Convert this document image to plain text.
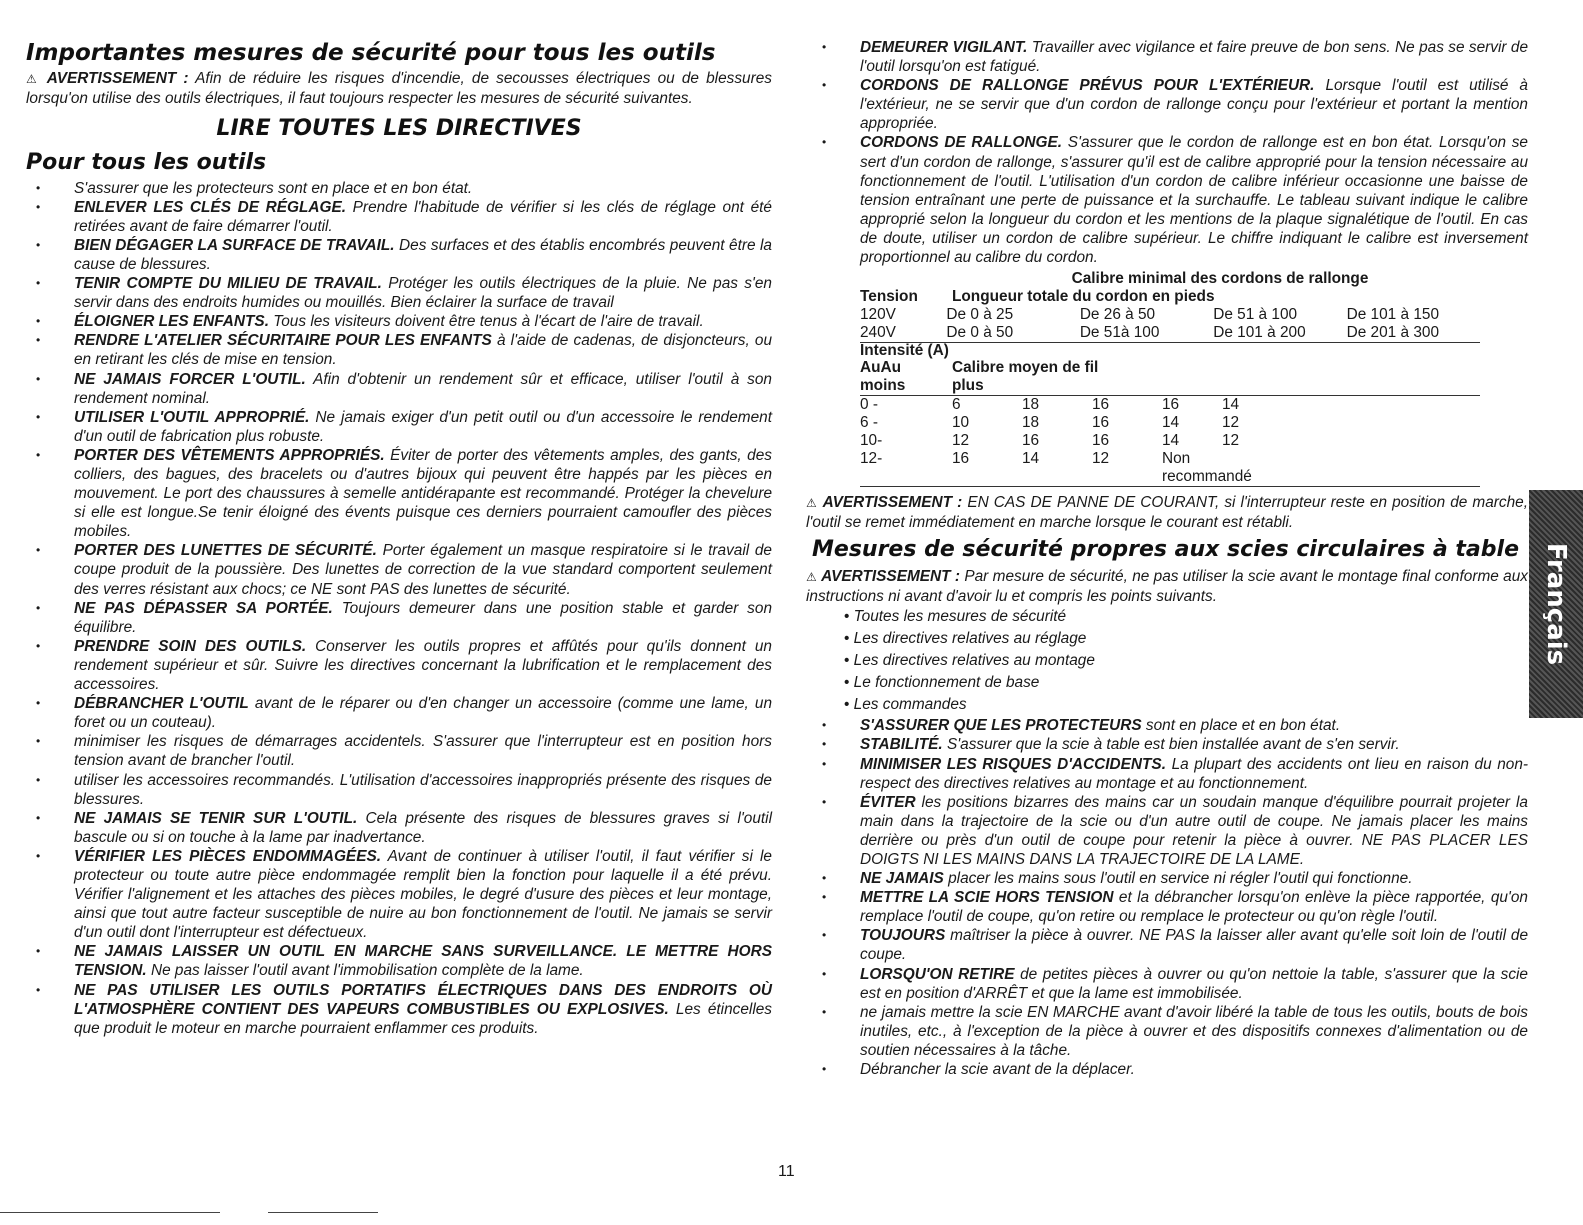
Importantes mesures de sécurité pour tous les outils

⚠ AVERTISSEMENT : Afin de réduire les risques d'incendie, de secousses électriques ou de blessures lorsqu'on utilise des outils électriques, il faut toujours respecter les mesures de sécurité suivantes.

LIRE TOUTES LES DIRECTIVES
Pour tous les outils
• S'assurer que les protecteurs sont en place et en bon état.
• ENLEVER LES CLÉS DE RÉGLAGE. Prendre l'habitude de vérifier si les clés de réglage ont été retirées avant de faire démarrer l'outil.
• BIEN DÉGAGER LA SURFACE DE TRAVAIL. Des surfaces et des établis encombrés peuvent être la cause de blessures.
• TENIR COMPTE DU MILIEU DE TRAVAIL. Protéger les outils électriques de la pluie. Ne pas s'en servir dans des endroits humides ou mouillés. Bien éclairer la surface de travail
• ÉLOIGNER LES ENFANTS. Tous les visiteurs doivent être tenus à l'écart de l'aire de travail.
• RENDRE L'ATELIER SÉCURITAIRE POUR LES ENFANTS à l'aide de cadenas, de disjoncteurs, ou en retirant les clés de mise en tension.
• NE JAMAIS FORCER L'OUTIL. Afin d'obtenir un rendement sûr et efficace, utiliser l'outil à son rendement nominal.
• UTILISER L'OUTIL APPROPRIÉ. Ne jamais exiger d'un petit outil ou d'un accessoire le rendement d'un outil de fabrication plus robuste.
• PORTER DES VÊTEMENTS APPROPRIÉS. Éviter de porter des vêtements amples, des gants, des colliers, des bagues, des bracelets ou d'autres bijoux qui peuvent être happés par les pièces en mouvement. Le port des chaussures à semelle antidérapante est recommandé. Protéger la chevelure si elle est longue.Se tenir éloigné des évents puisque ces derniers pourraient camoufler des pièces mobiles.
• PORTER DES LUNETTES DE SÉCURITÉ. Porter également un masque respiratoire si le travail de coupe produit de la poussière. Des lunettes de correction de la vue standard comportent seulement des verres résistant aux chocs; ce NE sont PAS des lunettes de sécurité.
• NE PAS DÉPASSER SA PORTÉE. Toujours demeurer dans une position stable et garder son équilibre.
• PRENDRE SOIN DES OUTILS. Conserver les outils propres et affûtés pour qu'ils donnent un rendement supérieur et sûr. Suivre les directives concernant la lubrification et le remplacement des accessoires.
• DÉBRANCHER L'OUTIL avant de le réparer ou d'en changer un accessoire (comme une lame, un foret ou un couteau).
• minimiser les risques de démarrages accidentels. S'assurer que l'interrupteur est en position hors tension avant de brancher l'outil.
• utiliser les accessoires recommandés. L'utilisation d'accessoires inappropriés présente des risques de blessures.
• NE JAMAIS SE TENIR SUR L'OUTIL. Cela présente des risques de blessures graves si l'outil bascule ou si on touche à la lame par inadvertance.
• VÉRIFIER LES PIÈCES ENDOMMAGÉES. Avant de continuer à utiliser l'outil, il faut vérifier si le protecteur ou toute autre pièce endommagée remplit bien la fonction pour laquelle il a été prévu. Vérifier l'alignement et les attaches des pièces mobiles, le degré d'usure des pièces et leur montage, ainsi que tout autre facteur susceptible de nuire au bon fonctionnement de l'outil. Ne jamais se servir d'un outil dont l'interrupteur est défectueux.
• NE JAMAIS LAISSER UN OUTIL EN MARCHE SANS SURVEILLANCE. LE METTRE HORS TENSION. Ne pas laisser l'outil avant l'immobilisation complète de la lame.
• NE PAS UTILISER LES OUTILS PORTATIFS ÉLECTRIQUES DANS DES ENDROITS OÙ L'ATMOSPHÈRE CONTIENT DES VAPEURS COMBUSTIBLES OU EXPLOSIVES. Les étincelles que produit le moteur en marche pourraient enflammer ces produits.
• DEMEURER VIGILANT. Travailler avec vigilance et faire preuve de bon sens. Ne pas se servir de l'outil lorsqu'on est fatigué.
• CORDONS DE RALLONGE PRÉVUS POUR L'EXTÉRIEUR. Lorsque l'outil est utilisé à l'extérieur, ne se servir que d'un cordon de rallonge conçu pour l'extérieur et portant la mention appropriée.
• CORDONS DE RALLONGE. S'assurer que le cordon de rallonge est en bon état. Lorsqu'on se sert d'un cordon de rallonge, s'assurer qu'il est de calibre approprié pour la tension nécessaire au fonctionnement de l'outil. L'utilisation d'un cordon de calibre inférieur occasionne une baisse de tension entraînant une perte de puissance et la surchauffe. Le tableau suivant indique le calibre approprié selon la longueur du cordon et les mentions de la plaque signalétique de l'outil. En cas de doute, utiliser un cordon de calibre supérieur. Le chiffre indiquant le calibre est inversement proportionnel au calibre du cordon.
Calibre minimal des cordons de rallonge
Tension	Longueur totale du cordon en pieds
120V	De 0 à 25	De 26 à 50	De 51 à 100	De 101 à 150
240V	De 0 à 50	De 51à 100	De 101 à 200	De 201 à 300
Intensité (A)
AuAu	Calibre moyen de fil
moins	plus
0 -	6	18	16	16	14
6 -	10	18	16	14	12
10-	12	16	16	14	12
12-	16	14	12	Non recommandé

⚠ AVERTISSEMENT : EN CAS DE PANNE DE COURANT, si l'interrupteur reste en position de marche, l'outil se remet immédiatement en marche lorsque le courant est rétabli.

Mesures de sécurité propres aux scies circulaires à table

⚠ AVERTISSEMENT : Par mesure de sécurité, ne pas utiliser la scie avant le montage final conforme aux instructions ni avant d'avoir lu et compris les points suivants.

• Toutes les mesures de sécurité
• Les directives relatives au réglage
• Les directives relatives au montage
• Le fonctionnement de base
• Les commandes
• S'ASSURER QUE LES PROTECTEURS sont en place et en bon état.
• STABILITÉ. S'assurer que la scie à table est bien installée avant de s'en servir.
• MINIMISER LES RISQUES D'ACCIDENTS. La plupart des accidents ont lieu en raison du non-respect des directives relatives au montage et au fonctionnement.
• ÉVITER les positions bizarres des mains car un soudain manque d'équilibre pourrait projeter la main dans la trajectoire de la scie ou d'un autre outil de coupe. Ne jamais placer les mains derrière ou près d'un outil de coupe pour retenir la pièce à ouvrer. NE PAS PLACER LES DOIGTS NI LES MAINS DANS LA TRAJECTOIRE DE LA LAME.
• NE JAMAIS placer les mains sous l'outil en service ni régler l'outil qui fonctionne.
• METTRE LA SCIE HORS TENSION et la débrancher lorsqu'on enlève la pièce rapportée, qu'on remplace l'outil de coupe, qu'on retire ou remplace le protecteur ou qu'on règle l'outil.
• TOUJOURS maîtriser la pièce à ouvrer. NE PAS la laisser aller avant qu'elle soit loin de l'outil de coupe.
• LORSQU'ON RETIRE de petites pièces à ouvrer ou qu'on nettoie la table, s'assurer que la scie est en position d'ARRÊT et que la lame est immobilisée.
• ne jamais mettre la scie EN MARCHE avant d'avoir libéré la table de tous les outils, bouts de bois inutiles, etc., à l'exception de la pièce à ouvrer et des dispositifs connexes d'alimentation ou de soutien nécessaires à la tâche.
• Débrancher la scie avant de la déplacer.
11
Français
